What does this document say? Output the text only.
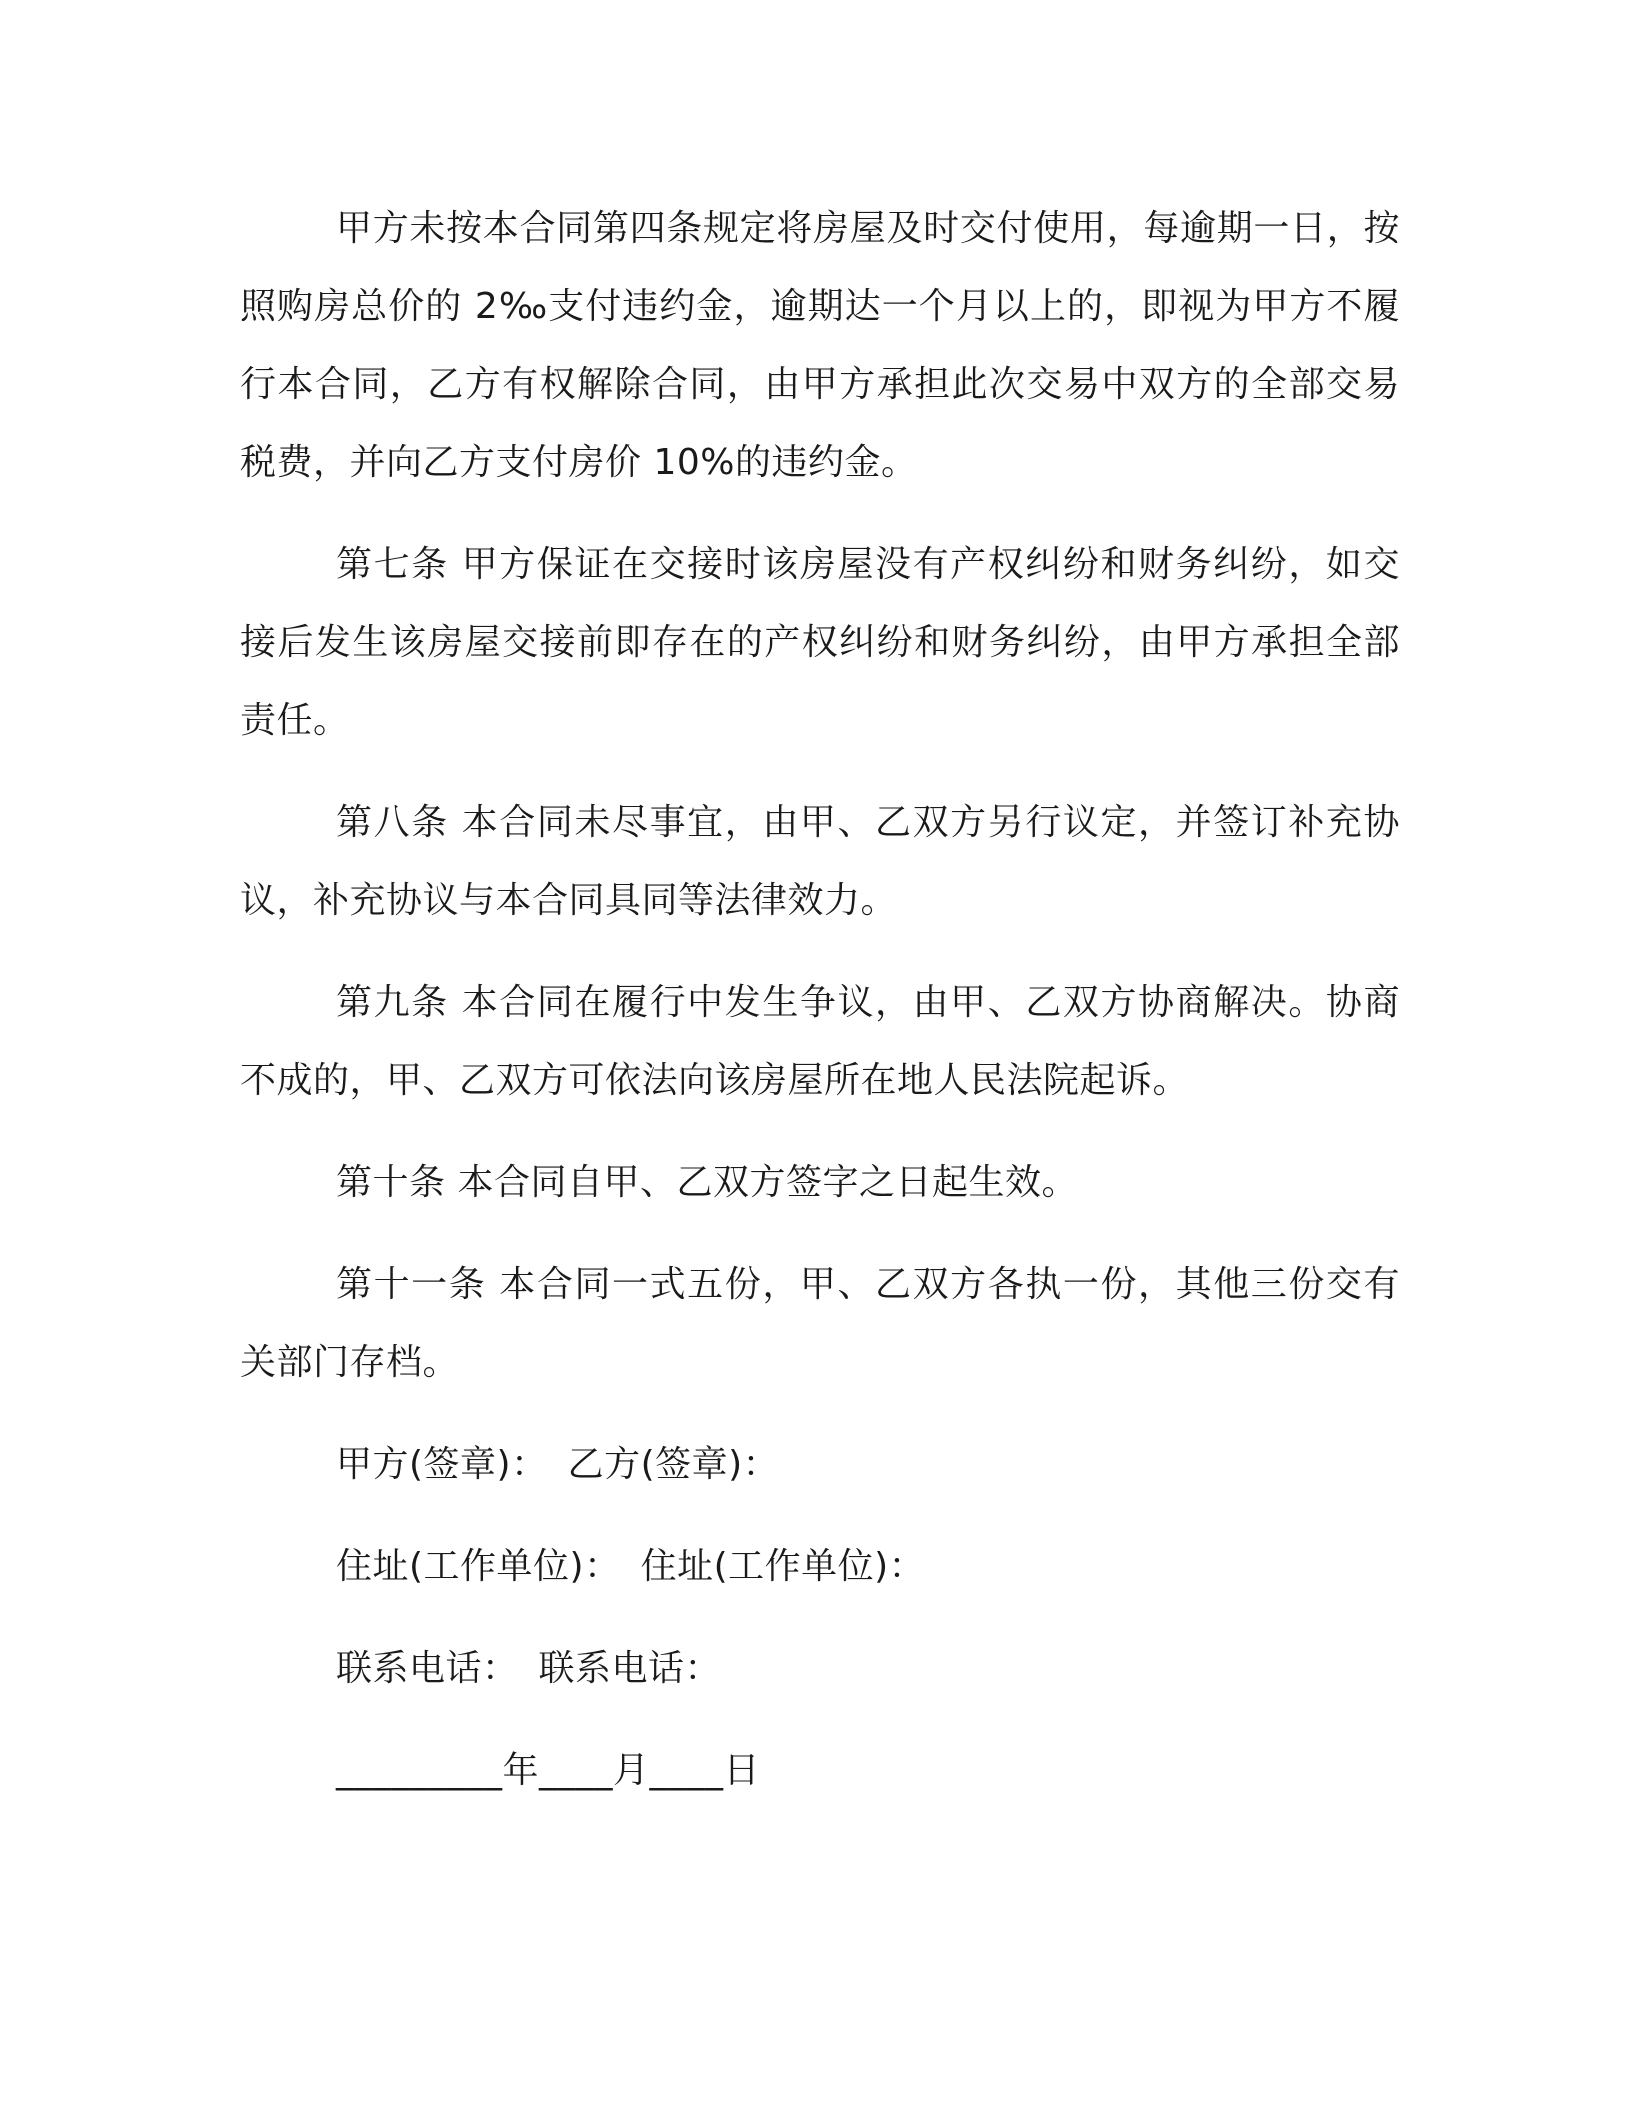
甲方未按本合同第四条规定将房屋及时交付使用，每逾期一日，按照购房总价的 2‰支付违约金，逾期达一个月以上的，即视为甲方不履行本合同，乙方有权解除合同，由甲方承担此次交易中双方的全部交易税费，并向乙方支付房价 10%的违约金。

第七条 甲方保证在交接时该房屋没有产权纠纷和财务纠纷，如交接后发生该房屋交接前即存在的产权纠纷和财务纠纷，由甲方承担全部责任。

第八条 本合同未尽事宜，由甲、乙双方另行议定，并签订补充协议，补充协议与本合同具同等法律效力。

第九条 本合同在履行中发生争议，由甲、乙双方协商解决。协商不成的，甲、乙双方可依法向该房屋所在地人民法院起诉。

第十条 本合同自甲、乙双方签字之日起生效。

第十一条 本合同一式五份，甲、乙双方各执一份，其他三份交有关部门存档。

甲方(签章)： 乙方(签章)：
住址(工作单位)： 住址(工作单位)：
联系电话： 联系电话：
_________年____月____日
